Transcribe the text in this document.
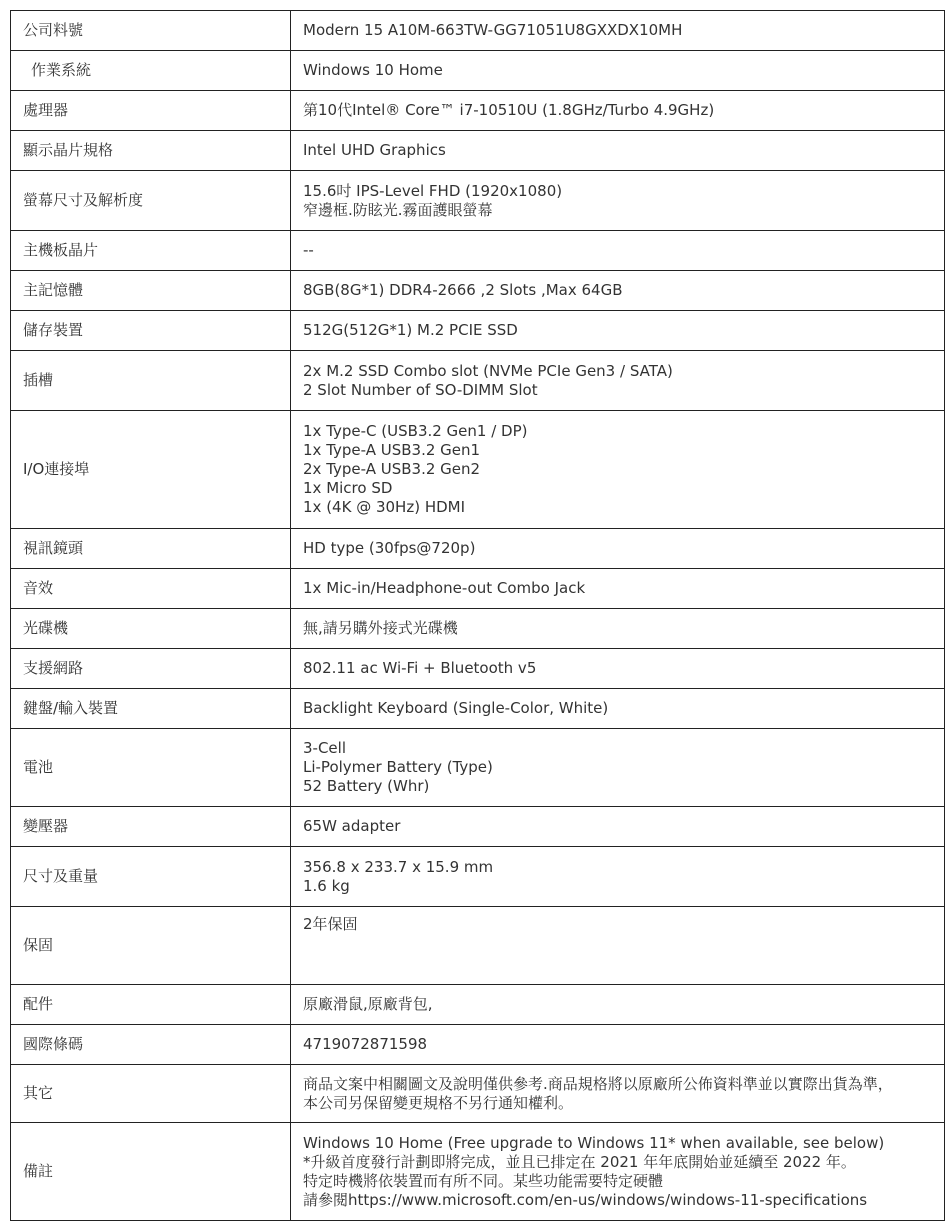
公司料號	Modern 15 A10M-663TW-GG71051U8GXXDX10MH

作業系統	Windows 10 Home

處理器	第10代Intel® Core™ i7-10510U (1.8GHz/Turbo 4.9GHz)

顯示晶片規格	Intel UHD Graphics

螢幕尺寸及解析度	15.6吋 IPS-Level FHD (1920x1080)
窄邊框.防眩光.霧面護眼螢幕

主機板晶片	--

主記憶體	8GB(8G*1) DDR4-2666 ,2 Slots ,Max 64GB

儲存裝置	512G(512G*1) M.2 PCIE SSD

插槽	2x M.2 SSD Combo slot (NVMe PCIe Gen3 / SATA)
2 Slot Number of SO-DIMM Slot

I/O連接埠	1x Type-C (USB3.2 Gen1 / DP)
1x Type-A USB3.2 Gen1
2x Type-A USB3.2 Gen2
1x Micro SD
1x (4K @ 30Hz) HDMI

視訊鏡頭	HD type (30fps@720p)

音效	1x Mic-in/Headphone-out Combo Jack

光碟機	無,請另購外接式光碟機

支援網路	802.11 ac Wi-Fi + Bluetooth v5

鍵盤/輸入裝置	Backlight Keyboard (Single-Color, White)

電池	3-Cell
Li-Polymer Battery (Type)
52 Battery (Whr)

變壓器	65W adapter

尺寸及重量	356.8 x 233.7 x 15.9 mm
1.6 kg

保固	2年保固

配件	原廠滑鼠,原廠背包,

國際條碼	4719072871598

其它	商品文案中相關圖文及說明僅供參考.商品規格將以原廠所公佈資料準並以實際出貨為準，
本公司另保留變更規格不另行通知權利。

備註	Windows 10 Home (Free upgrade to Windows 11* when available, see below)
*升級首度發行計劃即將完成，並且已排定在 2021 年年底開始並延續至 2022 年。
特定時機將依裝置而有所不同。某些功能需要特定硬體
請參閱https://www.microsoft.com/en-us/windows/windows-11-specifications
